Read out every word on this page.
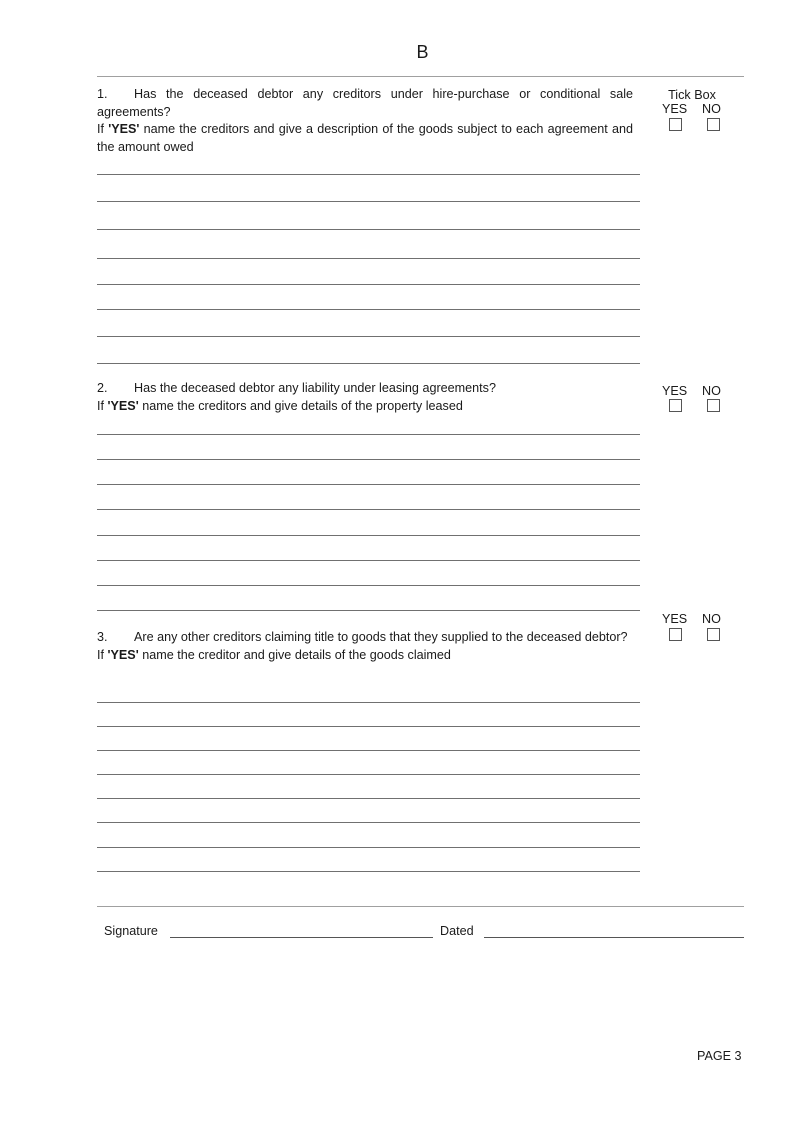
B
1. Has the deceased debtor any creditors under hire-purchase or conditional sale agreements?
If 'YES' name the creditors and give a description of the goods subject to each agreement and the amount owed
Tick Box
YES NO
2. Has the deceased debtor any liability under leasing agreements?
If 'YES' name the creditors and give details of the property leased
YES NO
YES NO
3. Are any other creditors claiming title to goods that they supplied to the deceased debtor?
If 'YES' name the creditor and give details of the goods claimed
Signature	Dated
PAGE 3
